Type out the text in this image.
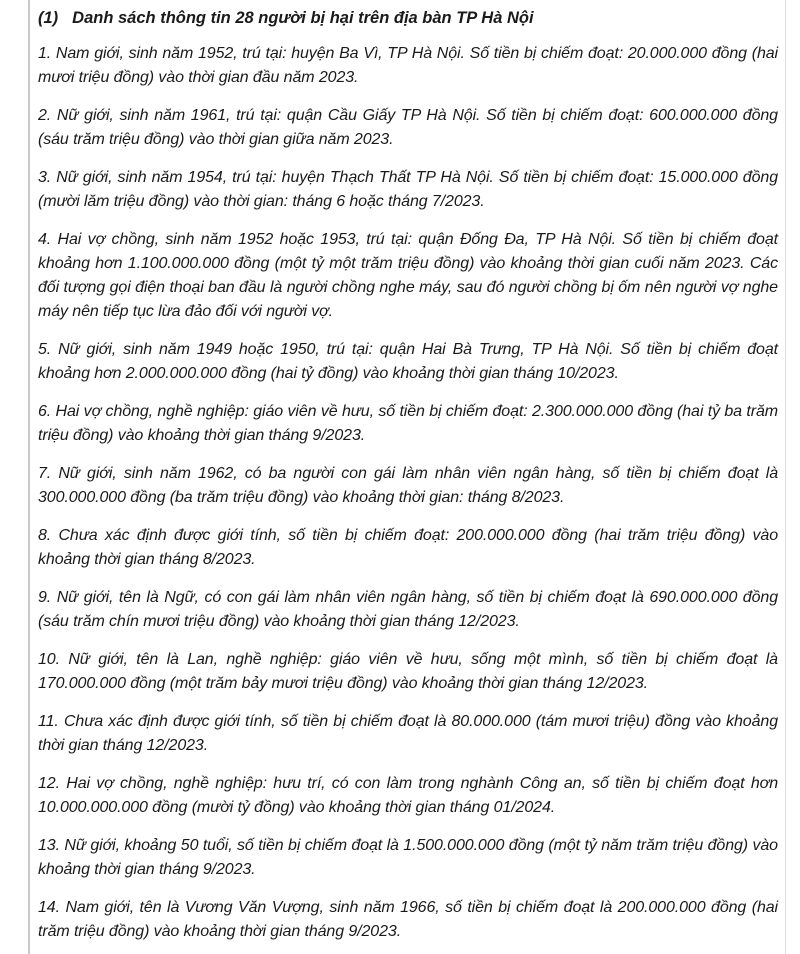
(1) Danh sách thông tin 28 người bị hại trên địa bàn TP Hà Nội

1. Nam giới, sinh năm 1952, trú tại: huyện Ba Vì, TP Hà Nội. Số tiền bị chiếm đoạt: 20.000.000 đồng (hai mươi triệu đồng) vào thời gian đầu năm 2023.

2. Nữ giới, sinh năm 1961, trú tại: quận Cầu Giấy TP Hà Nội. Số tiền bị chiếm đoạt: 600.000.000 đồng (sáu trăm triệu đồng) vào thời gian giữa năm 2023.

3. Nữ giới, sinh năm 1954, trú tại: huyện Thạch Thất TP Hà Nội. Số tiền bị chiếm đoạt: 15.000.000 đồng (mười lăm triệu đồng) vào thời gian: tháng 6 hoặc tháng 7/2023.

4. Hai vợ chồng, sinh năm 1952 hoặc 1953, trú tại: quận Đống Đa, TP Hà Nội. Số tiền bị chiếm đoạt khoảng hơn 1.100.000.000 đồng (một tỷ một trăm triệu đồng) vào khoảng thời gian cuối năm 2023. Các đối tượng gọi điện thoại ban đầu là người chồng nghe máy, sau đó người chồng bị ốm nên người vợ nghe máy nên tiếp tục lừa đảo đối với người vợ.

5. Nữ giới, sinh năm 1949 hoặc 1950, trú tại: quận Hai Bà Trưng, TP Hà Nội. Số tiền bị chiếm đoạt khoảng hơn 2.000.000.000 đồng (hai tỷ đồng) vào khoảng thời gian tháng 10/2023.

6. Hai vợ chồng, nghề nghiệp: giáo viên về hưu, số tiền bị chiếm đoạt: 2.300.000.000 đồng (hai tỷ ba trăm triệu đồng) vào khoảng thời gian tháng 9/2023.

7. Nữ giới, sinh năm 1962, có ba người con gái làm nhân viên ngân hàng, số tiền bị chiếm đoạt là 300.000.000 đồng (ba trăm triệu đồng) vào khoảng thời gian: tháng 8/2023.

8. Chưa xác định được giới tính, số tiền bị chiếm đoạt: 200.000.000 đồng (hai trăm triệu đồng) vào khoảng thời gian tháng 8/2023.

9. Nữ giới, tên là Ngữ, có con gái làm nhân viên ngân hàng, số tiền bị chiếm đoạt là 690.000.000 đồng (sáu trăm chín mươi triệu đồng) vào khoảng thời gian tháng 12/2023.

10. Nữ giới, tên là Lan, nghề nghiệp: giáo viên về hưu, sống một mình, số tiền bị chiếm đoạt là 170.000.000 đồng (một trăm bảy mươi triệu đồng) vào khoảng thời gian tháng 12/2023.

11. Chưa xác định được giới tính, số tiền bị chiếm đoạt là 80.000.000 (tám mươi triệu) đồng vào khoảng thời gian tháng 12/2023.

12. Hai vợ chồng, nghề nghiệp: hưu trí, có con làm trong nghành Công an, số tiền bị chiếm đoạt hơn 10.000.000.000 đồng (mười tỷ đồng) vào khoảng thời gian tháng 01/2024.

13. Nữ giới, khoảng 50 tuổi, số tiền bị chiếm đoạt là 1.500.000.000 đồng (một tỷ năm trăm triệu đồng) vào khoảng thời gian tháng 9/2023.

14. Nam giới, tên là Vương Văn Vượng, sinh năm 1966, số tiền bị chiếm đoạt là 200.000.000 đồng (hai trăm triệu đồng) vào khoảng thời gian tháng 9/2023.
